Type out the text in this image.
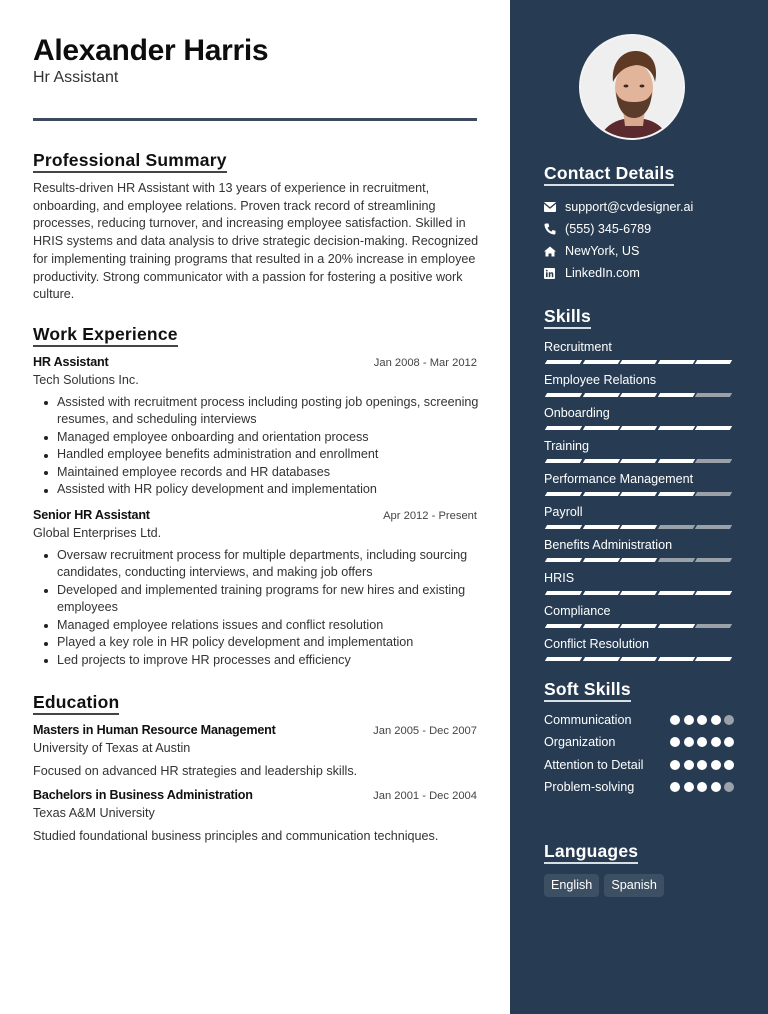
Alexander Harris
Hr Assistant
Professional Summary
Results-driven HR Assistant with 13 years of experience in recruitment, onboarding, and employee relations. Proven track record of streamlining processes, reducing turnover, and increasing employee satisfaction. Skilled in HRIS systems and data analysis to drive strategic decision-making. Recognized for implementing training programs that resulted in a 20% increase in employee productivity. Strong communicator with a passion for fostering a positive work culture.
Work Experience
HR Assistant	Jan 2008 - Mar 2012
Tech Solutions Inc.
Assisted with recruitment process including posting job openings, screening resumes, and scheduling interviews
Managed employee onboarding and orientation process
Handled employee benefits administration and enrollment
Maintained employee records and HR databases
Assisted with HR policy development and implementation
Senior HR Assistant	Apr 2012 - Present
Global Enterprises Ltd.
Oversaw recruitment process for multiple departments, including sourcing candidates, conducting interviews, and making job offers
Developed and implemented training programs for new hires and existing employees
Managed employee relations issues and conflict resolution
Played a key role in HR policy development and implementation
Led projects to improve HR processes and efficiency
Education
Masters in Human Resource Management	Jan 2005 - Dec 2007
University of Texas at Austin
Focused on advanced HR strategies and leadership skills.
Bachelors in Business Administration	Jan 2001 - Dec 2004
Texas A&M University
Studied foundational business principles and communication techniques.
Contact Details
support@cvdesigner.ai
(555) 345-6789
NewYork, US
LinkedIn.com
Skills
Recruitment
Employee Relations
Onboarding
Training
Performance Management
Payroll
Benefits Administration
HRIS
Compliance
Conflict Resolution
Soft Skills
Communication
Organization
Attention to Detail
Problem-solving
Languages
English	Spanish
